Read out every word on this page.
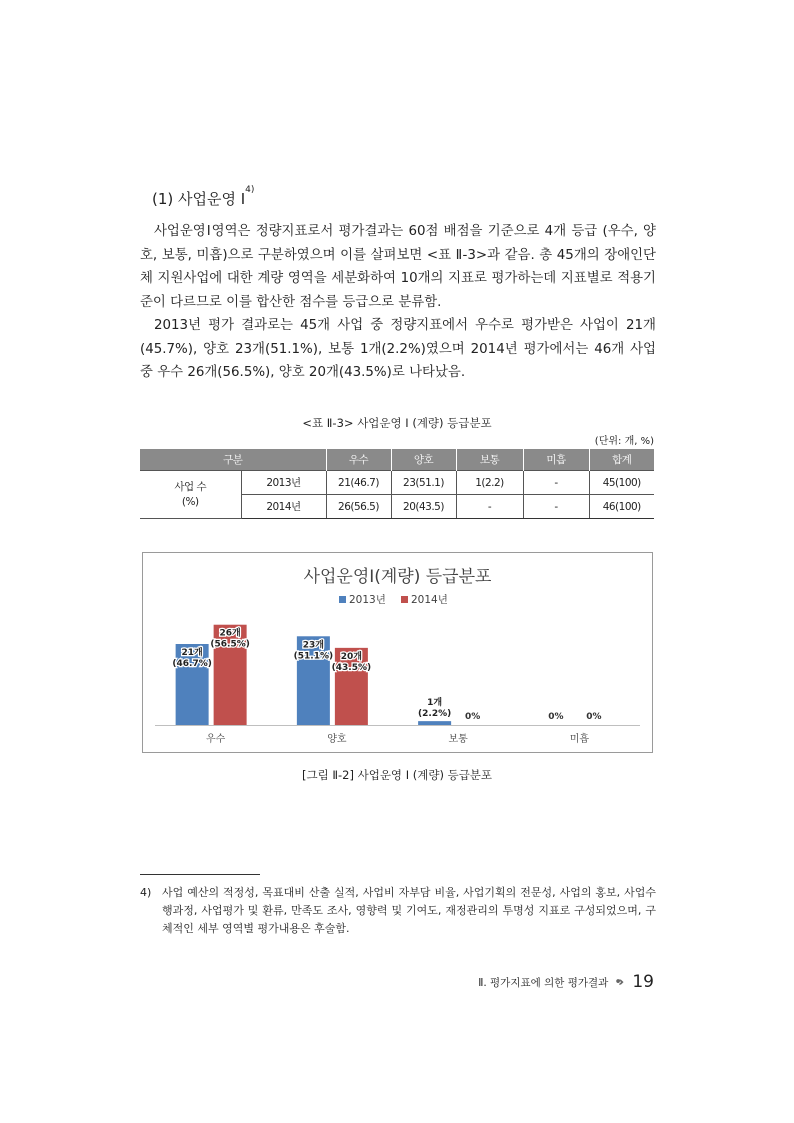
(1) 사업운영 Ⅰ$^{4)}$

사업운영Ⅰ영역은 정량지표로서 평가결과는 60점 배점을 기준으로 4개 등급 (우수, 양호, 보통, 미흡)으로 구분하였으며 이를 살펴보면 <표 Ⅱ-3>과 같음. 총 45개의 장애인단체 지원사업에 대한 계량 영역을 세분화하여 10개의 지표로 평가하는데 지표별로 적용기준이 다르므로 이를 합산한 점수를 등급으로 분류함.

2013년 평가 결과로는 45개 사업 중 정량지표에서 우수로 평가받은 사업이 21개 (45.7%), 양호 23개(51.1%), 보통 1개(2.2%)였으며 2014년 평가에서는 46개 사업 중 우수 26개(56.5%), 양호 20개(43.5%)로 나타났음.

<표 Ⅱ-3> 사업운영 Ⅰ (계량) 등급분포
(단위: 개, %)
구분		우수	양호	보통	미흡	합계
사업 수
(%)	2013년	21(46.7)	23(51.1)	1(2.2)	-	45(100)
	2014년	26(56.5)	20(43.5)	-	-	46(100)
사업운영Ⅰ(계량) 등급분포
2013년 2014년
21개
(46.7%)
26개
(56.5%)
우수
23개
(51.1%) 20개
(43.5%)
양호
1개
(2.2%) 0%
보통
0%	0%
미흡
[그림 Ⅱ-2] 사업운영 Ⅰ (계량) 등급분포
4) 사업 예산의 적정성, 목표대비 산출 실적, 사업비 자부담 비율, 사업기획의 전문성, 사업의 홍보, 사업수행과정, 사업평가 및 환류, 만족도 조사, 영향력 및 기여도, 재정관리의 투명성 지표로 구성되었으며, 구체적인 세부 영역별 평가내용은 후술함.
Ⅱ. 평가지표에 의한 평가결과 •›› 19
